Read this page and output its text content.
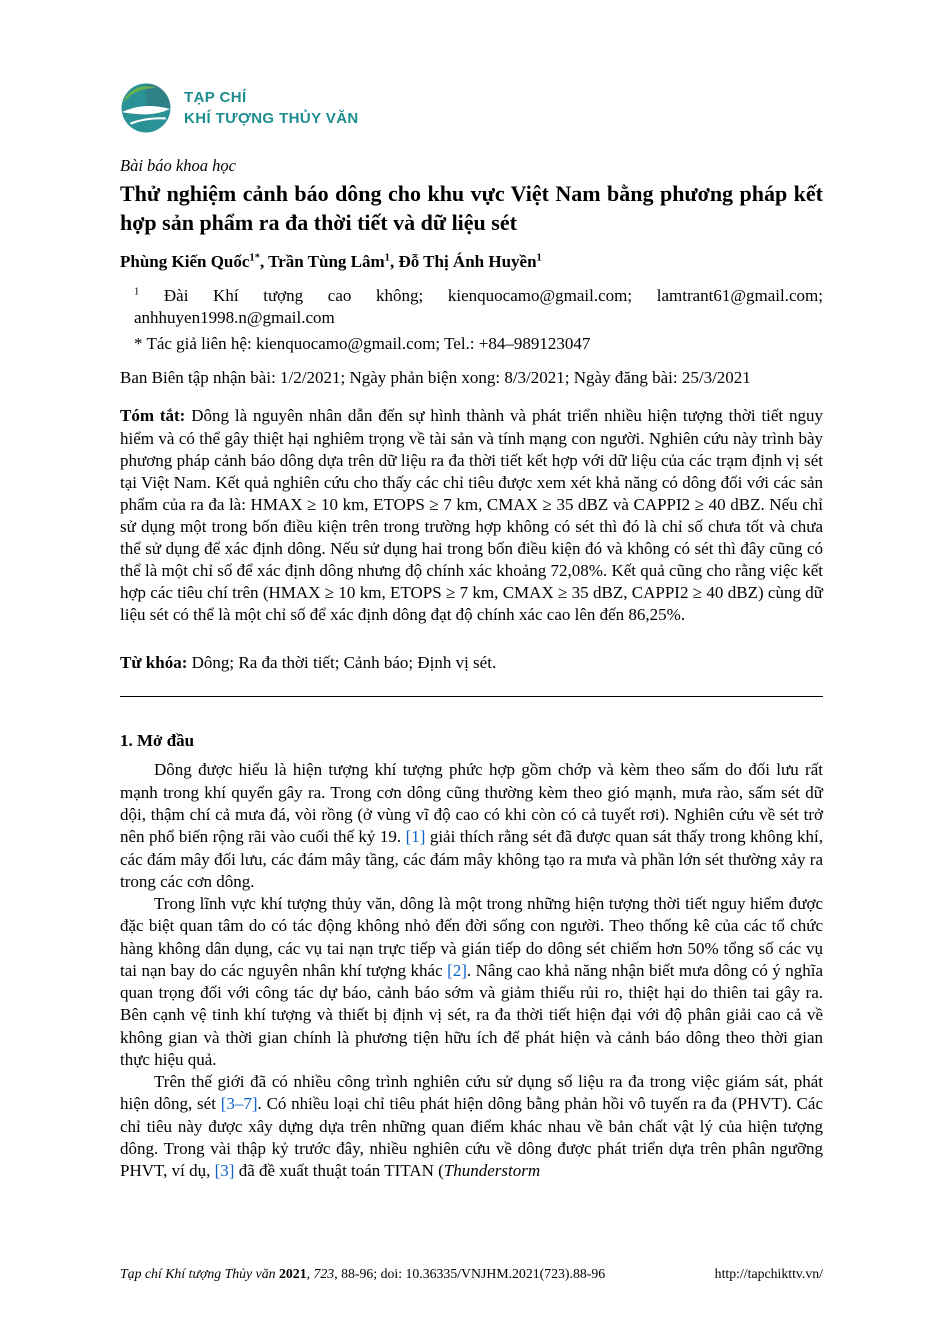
TẠP CHÍ
KHÍ TƯỢNG THỦY VĂN

Bài báo khoa học

Thử nghiệm cảnh báo dông cho khu vực Việt Nam bằng phương pháp kết hợp sản phẩm ra đa thời tiết và dữ liệu sét

Phùng Kiến Quốc$^{1*}$, Trần Tùng Lâm$^1$, Đỗ Thị Ánh Huyền$^1$

$^1$ Đài Khí tượng cao không; kienquocamo@gmail.com; lamtrant61@gmail.com; anhhuyen1998.n@gmail.com

* Tác giả liên hệ: kienquocamo@gmail.com; Tel.: +84–989123047

Ban Biên tập nhận bài: 1/2/2021; Ngày phản biện xong: 8/3/2021; Ngày đăng bài: 25/3/2021

Tóm tắt: Dông là nguyên nhân dẫn đến sự hình thành và phát triển nhiều hiện tượng thời tiết nguy hiểm và có thể gây thiệt hại nghiêm trọng về tài sản và tính mạng con người. Nghiên cứu này trình bày phương pháp cảnh báo dông dựa trên dữ liệu ra đa thời tiết kết hợp với dữ liệu của các trạm định vị sét tại Việt Nam. Kết quả nghiên cứu cho thấy các chỉ tiêu được xem xét khả năng có dông đối với các sản phẩm của ra đa là: HMAX ≥ 10 km, ETOPS ≥ 7 km, CMAX ≥ 35 dBZ và CAPPI2 ≥ 40 dBZ. Nếu chỉ sử dụng một trong bốn điều kiện trên trong trường hợp không có sét thì đó là chỉ số chưa tốt và chưa thể sử dụng để xác định dông. Nếu sử dụng hai trong bốn điều kiện đó và không có sét thì đây cũng có thể là một chỉ số để xác định dông nhưng độ chính xác khoảng 72,08%. Kết quả cũng cho rằng việc kết hợp các tiêu chí trên (HMAX ≥ 10 km, ETOPS ≥ 7 km, CMAX ≥ 35 dBZ, CAPPI2 ≥ 40 dBZ) cùng dữ liệu sét có thể là một chỉ số để xác định dông đạt độ chính xác cao lên đến 86,25%.

Từ khóa: Dông; Ra đa thời tiết; Cảnh báo; Định vị sét.

1. Mở đầu

Dông được hiểu là hiện tượng khí tượng phức hợp gồm chớp và kèm theo sấm do đối lưu rất mạnh trong khí quyển gây ra. Trong cơn dông cũng thường kèm theo gió mạnh, mưa rào, sấm sét dữ dội, thậm chí cả mưa đá, vòi rồng (ở vùng vĩ độ cao có khi còn có cả tuyết rơi). Nghiên cứu về sét trở nên phổ biến rộng rãi vào cuối thế kỷ 19. [1] giải thích rằng sét đã được quan sát thấy trong không khí, các đám mây đối lưu, các đám mây tầng, các đám mây không tạo ra mưa và phần lớn sét thường xảy ra trong các cơn dông.

Trong lĩnh vực khí tượng thủy văn, dông là một trong những hiện tượng thời tiết nguy hiểm được đặc biệt quan tâm do có tác động không nhỏ đến đời sống con người. Theo thống kê của các tổ chức hàng không dân dụng, các vụ tai nạn trực tiếp và gián tiếp do dông sét chiếm hơn 50% tổng số các vụ tai nạn bay do các nguyên nhân khí tượng khác [2]. Nâng cao khả năng nhận biết mưa dông có ý nghĩa quan trọng đối với công tác dự báo, cảnh báo sớm và giảm thiểu rủi ro, thiệt hại do thiên tai gây ra. Bên cạnh vệ tinh khí tượng và thiết bị định vị sét, ra đa thời tiết hiện đại với độ phân giải cao cả về không gian và thời gian chính là phương tiện hữu ích để phát hiện và cảnh báo dông theo thời gian thực hiệu quả.

Trên thế giới đã có nhiều công trình nghiên cứu sử dụng số liệu ra đa trong việc giám sát, phát hiện dông, sét [3–7]. Có nhiều loại chỉ tiêu phát hiện dông bằng phản hồi vô tuyến ra đa (PHVT). Các chỉ tiêu này được xây dựng dựa trên những quan điểm khác nhau về bản chất vật lý của hiện tượng dông. Trong vài thập kỷ trước đây, nhiều nghiên cứu về dông được phát triển dựa trên phân ngưỡng PHVT, ví dụ, [3] đã đề xuất thuật toán TITAN (Thunderstorm

Tạp chí Khí tượng Thủy văn 2021, 723, 88-96; doi: 10.36335/VNJHM.2021(723).88-96	http://tapchikttv.vn/
